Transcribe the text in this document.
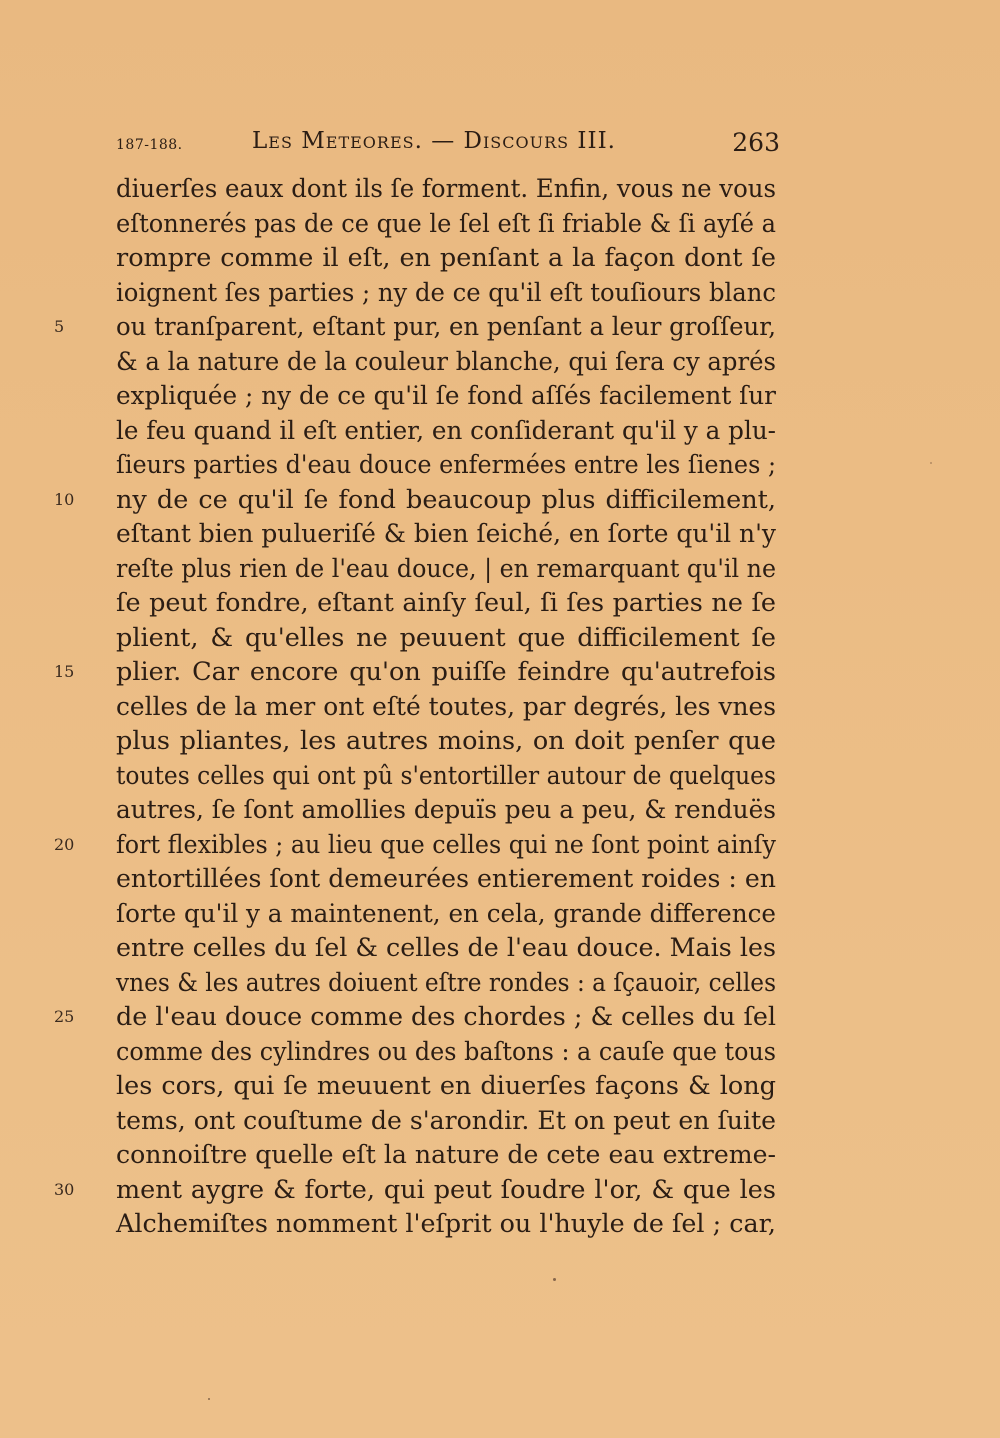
187-188.	Les Meteores. — Discours III.	263
diuerſes eaux dont ils ſe forment. Enfin, vous ne vous
eſtonnerés pas de ce que le ſel eſt ſi friable & ſi ayſé a
rompre comme il eſt, en penſant a la façon dont ſe
ioignent ſes parties ; ny de ce qu'il eſt touſiours blanc
5	ou tranſparent, eſtant pur, en penſant a leur groſſeur,
& a la nature de la couleur blanche, qui ſera cy aprés
expliquée ; ny de ce qu'il ſe fond aſſés facilement ſur
le feu quand il eſt entier, en conſiderant qu'il y a plu-
ſieurs parties d'eau douce enfermées entre les ſienes ;
10	ny de ce qu'il ſe fond beaucoup plus difficilement,
eſtant bien pulueriſé & bien ſeiché, en ſorte qu'il n'y
reſte plus rien de l'eau douce, | en remarquant qu'il ne
ſe peut fondre, eſtant ainſy ſeul, ſi ſes parties ne ſe
plient, & qu'elles ne peuuent que difficilement ſe
15	plier. Car encore qu'on puiſſe feindre qu'autrefois
celles de la mer ont eſté toutes, par degrés, les vnes
plus pliantes, les autres moins, on doit penſer que
toutes celles qui ont pû s'entortiller autour de quelques
autres, ſe ſont amollies depuïs peu a peu, & renduës
20	fort flexibles ; au lieu que celles qui ne ſont point ainſy
entortillées ſont demeurées entierement roides : en
ſorte qu'il y a maintenent, en cela, grande difference
entre celles du ſel & celles de l'eau douce. Mais les
vnes & les autres doiuent eſtre rondes : a ſçauoir, celles
25	de l'eau douce comme des chordes ; & celles du ſel
comme des cylindres ou des baſtons : a cauſe que tous
les cors, qui ſe meuuent en diuerſes façons & long
tems, ont couſtume de s'arondir. Et on peut en ſuite
connoiſtre quelle eſt la nature de cete eau extreme-
30	ment aygre & forte, qui peut ſoudre l'or, & que les
Alchemiſtes nomment l'eſprit ou l'huyle de ſel ; car,
